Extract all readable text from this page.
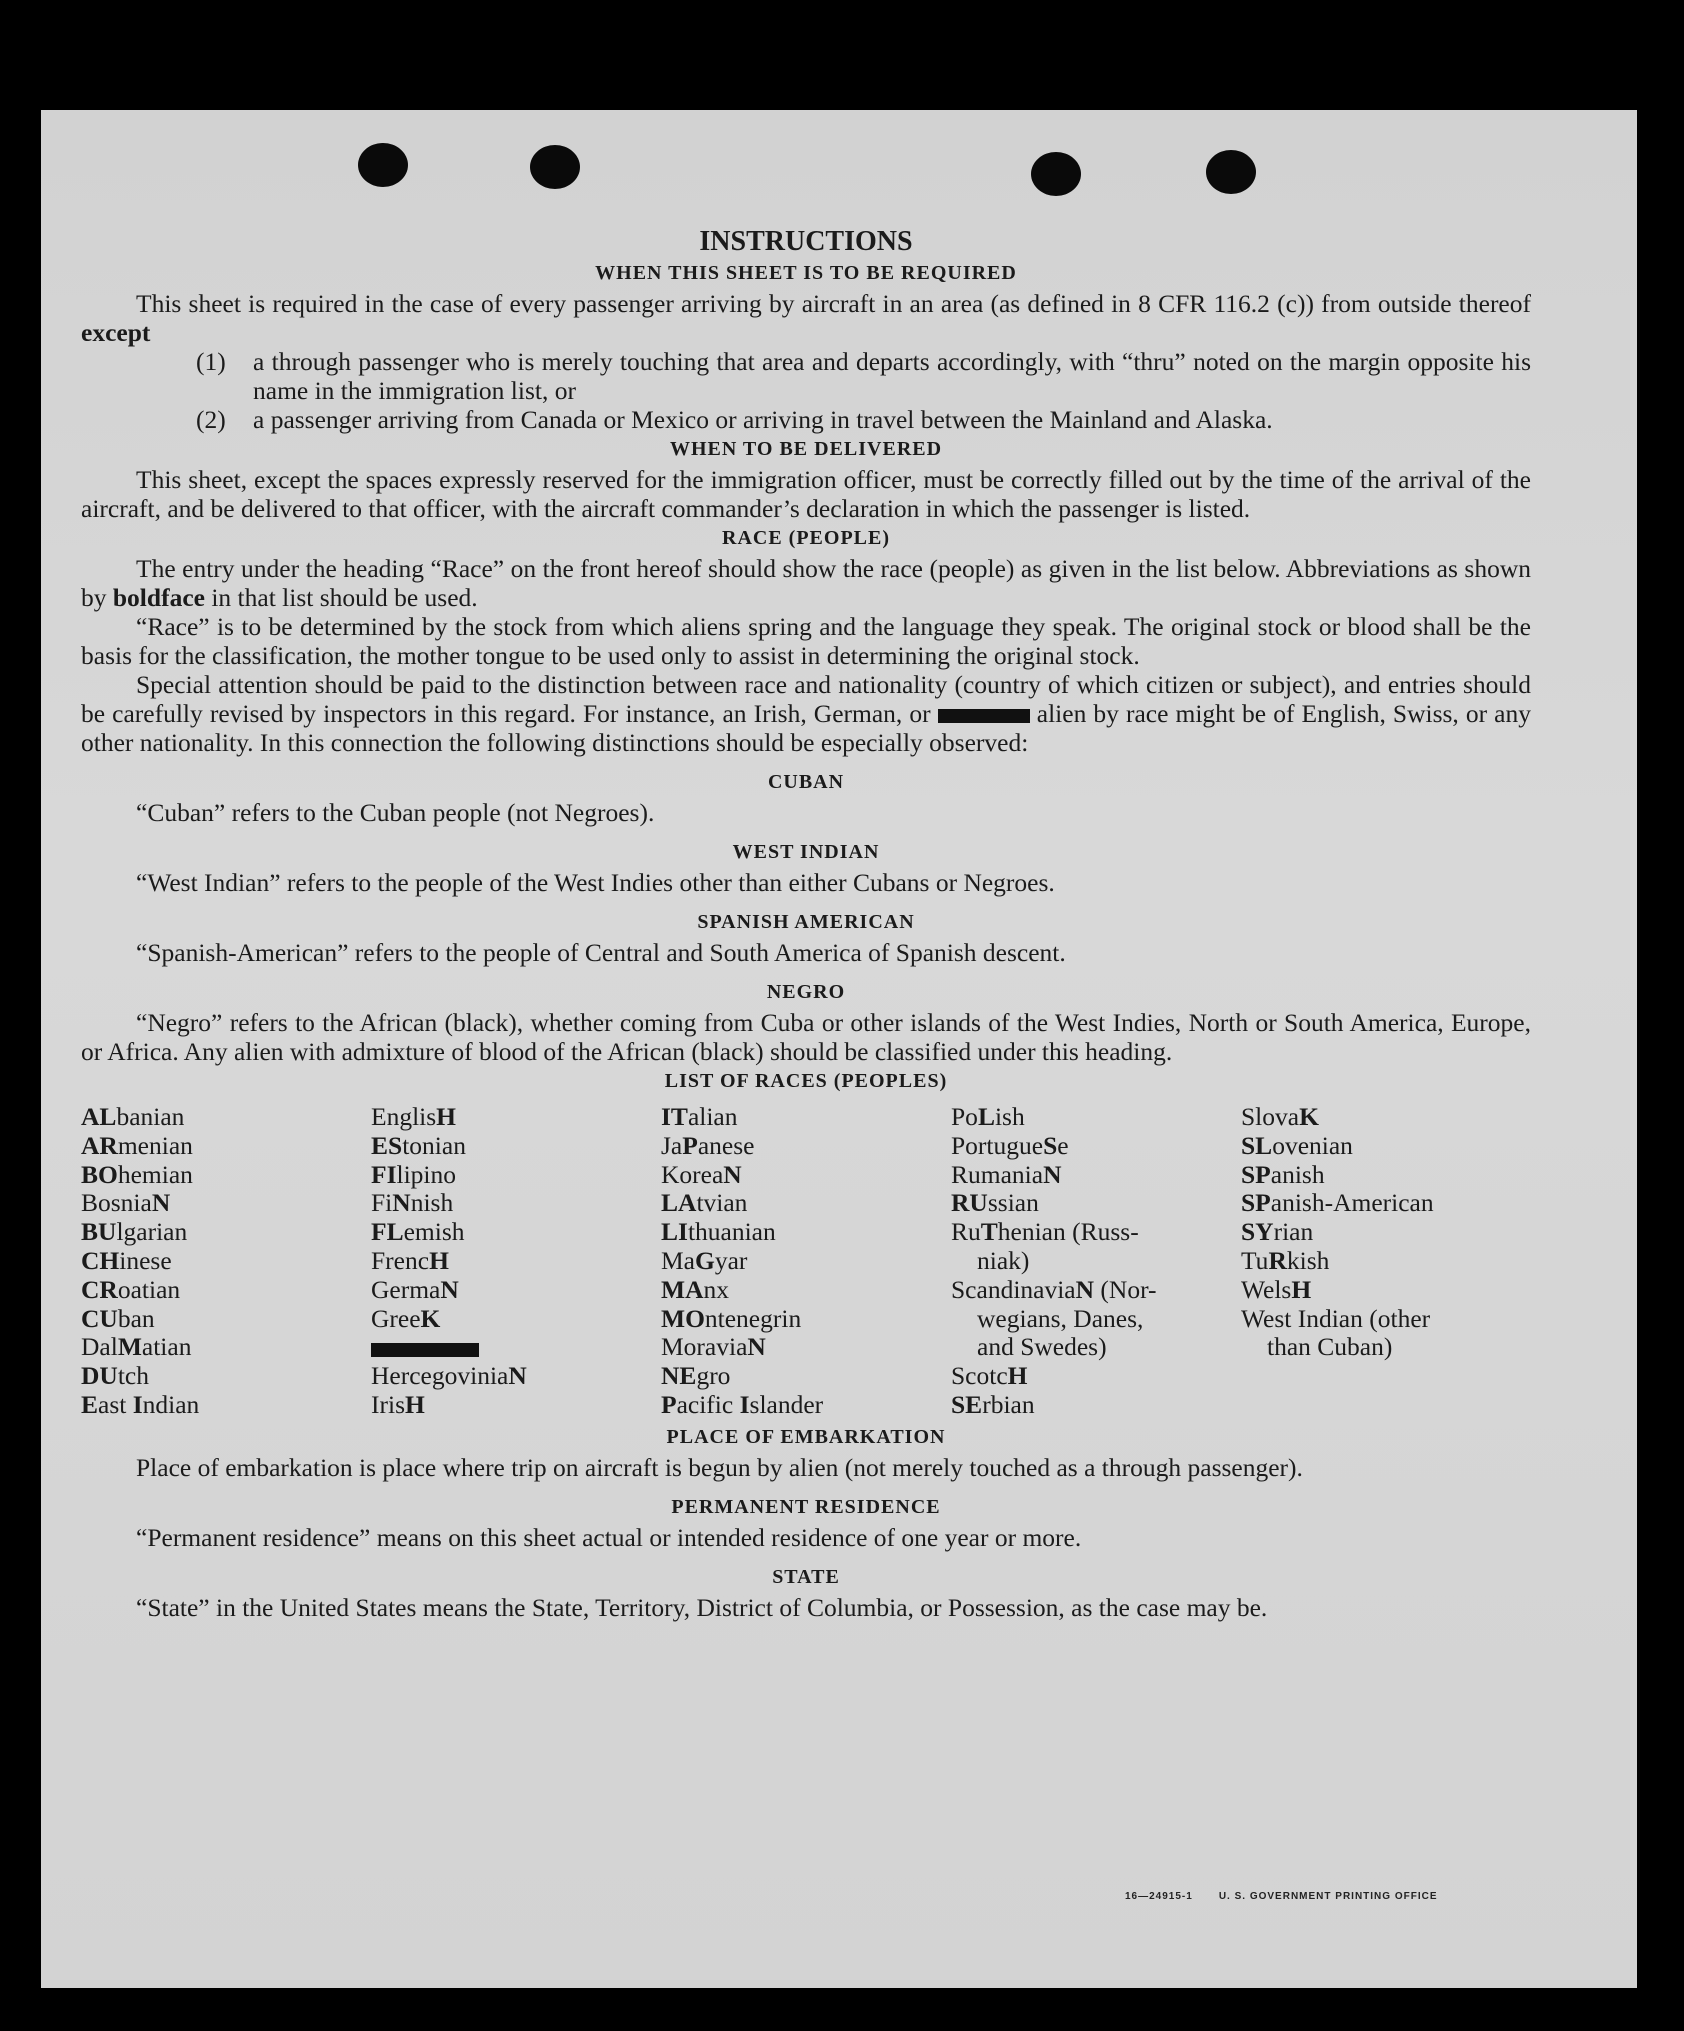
INSTRUCTIONS
WHEN THIS SHEET IS TO BE REQUIRED

This sheet is required in the case of every passenger arriving by aircraft in an area (as defined in 8 CFR 116.2 (c)) from outside thereof except

(1)	a through passenger who is merely touching that area and departs accordingly, with “thru” noted on the margin opposite his name in the immigration list, or
(2)	a passenger arriving from Canada or Mexico or arriving in travel between the Mainland and Alaska.
WHEN TO BE DELIVERED

This sheet, except the spaces expressly reserved for the immigration officer, must be correctly filled out by the time of the arrival of the aircraft, and be delivered to that officer, with the aircraft commander’s declaration in which the passenger is listed.

RACE (PEOPLE)

The entry under the heading “Race” on the front hereof should show the race (people) as given in the list below. Abbreviations as shown by boldface in that list should be used.

“Race” is to be determined by the stock from which aliens spring and the language they speak. The original stock or blood shall be the basis for the classification, the mother tongue to be used only to assist in determining the original stock.

Special attention should be paid to the distinction between race and nationality (country of which citizen or subject), and entries should be carefully revised by inspectors in this regard. For instance, an Irish, German, or	alien by race might be of English, Swiss, or any other nationality. In this connection the following distinctions should be especially observed:

CUBAN

“Cuban” refers to the Cuban people (not Negroes).

WEST INDIAN

“West Indian” refers to the people of the West Indies other than either Cubans or Negroes.

SPANISH AMERICAN

“Spanish-American” refers to the people of Central and South America of Spanish descent.

NEGRO

“Negro” refers to the African (black), whether coming from Cuba or other islands of the West Indies, North or South America, Europe, or Africa. Any alien with admixture of blood of the African (black) should be classified under this heading.

LIST OF RACES (PEOPLES)
ALbanian
ARmenian
BOhemian
BosniaN
BUlgarian
CHinese
CRoatian
CUban
DalMatian
DUtch
East Indian
EnglisH
EStonian
FIlipino
FiNnish
FLemish
FrencH
GermaN
GreeK
HercegoviniaN
IrisH
ITalian
JaPanese
KoreaN
LAtvian
LIthuanian
MaGyar
MAnx
MOntenegrin
MoraviaN
NEgro
Pacific Islander
PoLish
PortugueSe
RumaniaN
RUssian
RuThenian (Russ-
niak)
ScandinaviaN (Nor-
wegians, Danes,
and Swedes)
ScotcH
SErbian
SlovaK
SLovenian
SPanish
SPanish-American
SYrian
TuRkish
WelsH
West Indian (other
than Cuban)
PLACE OF EMBARKATION

Place of embarkation is place where trip on aircraft is begun by alien (not merely touched as a through passenger).

PERMANENT RESIDENCE

“Permanent residence” means on this sheet actual or intended residence of one year or more.

STATE

“State” in the United States means the State, Territory, District of Columbia, or Possession, as the case may be.

16—24915-1	U. S. GOVERNMENT PRINTING OFFICE
